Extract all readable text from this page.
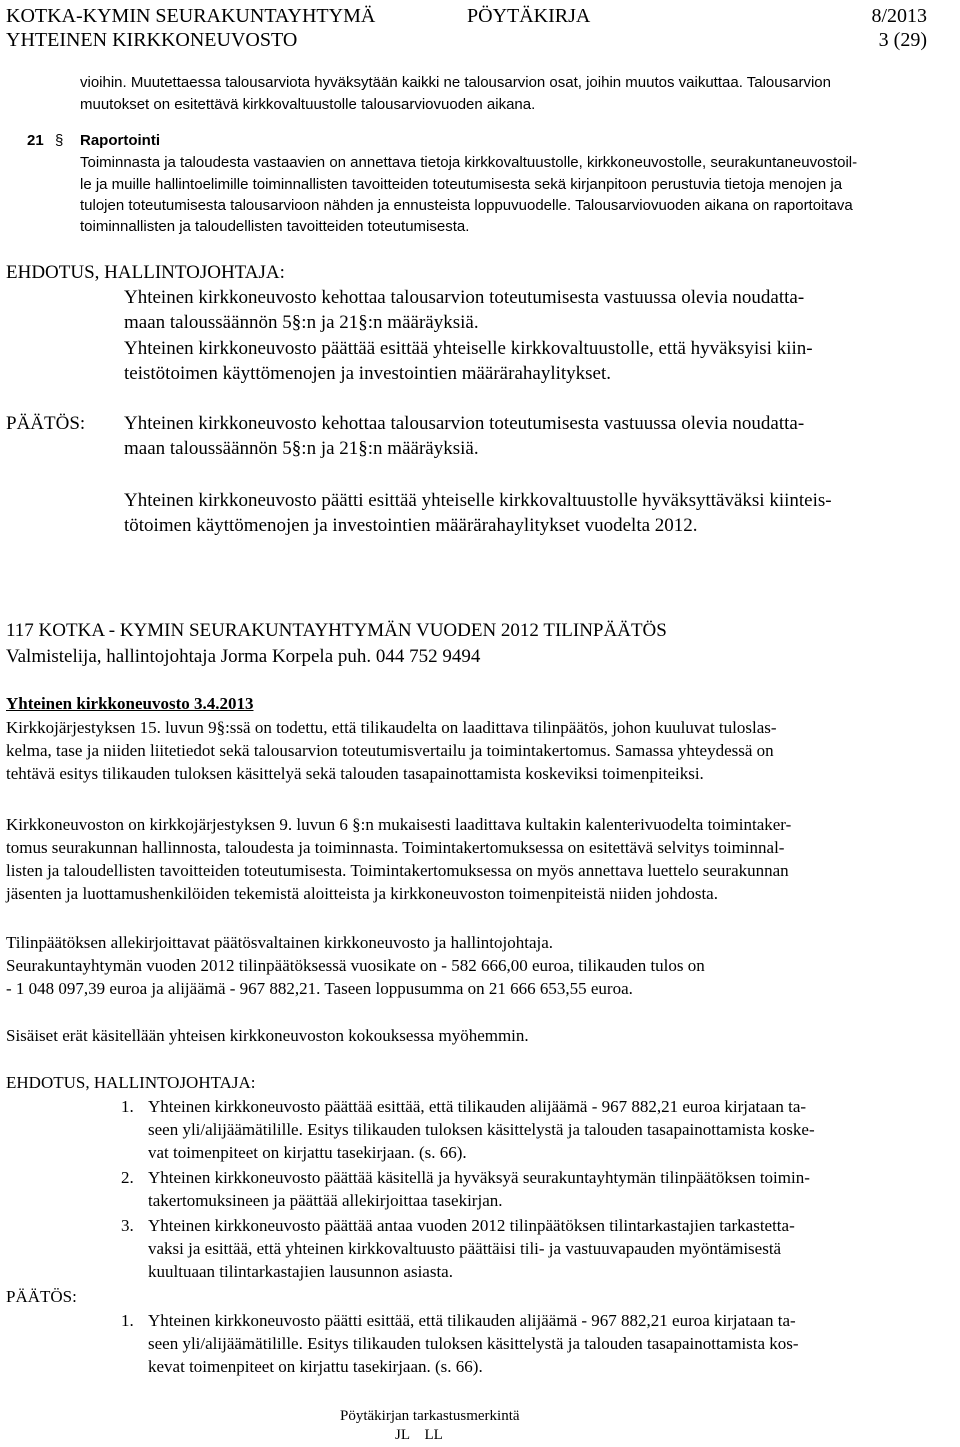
KOTKA-KYMIN SEURAKUNTAYHTYMÄ	PÖYTÄKIRJA	8/2013
YHTEINEN KIRKKONEUVOSTO	3 (29)
vioihin. Muutettaessa talousarviota hyväksytään kaikki ne talousarvion osat, joihin muutos vaikuttaa. Talousarvion
muutokset on esitettävä kirkkovaltuustolle talousarviovuoden aikana.
21 § Raportointi
Toiminnasta ja taloudesta vastaavien on annettava tietoja kirkkovaltuustolle, kirkkoneuvostolle, seurakuntaneuvostoil-
le ja muille hallintoelimille toiminnallisten tavoitteiden toteutumisesta sekä kirjanpitoon perustuvia tietoja menojen ja
tulojen toteutumisesta talousarvioon nähden ja ennusteista loppuvuodelle. Talousarviovuoden aikana on raportoitava
toiminnallisten ja taloudellisten tavoitteiden toteutumisesta.
EHDOTUS, HALLINTOJOHTAJA:
Yhteinen kirkkoneuvosto kehottaa talousarvion toteutumisesta vastuussa olevia noudatta-
maan taloussäännön 5§:n ja 21§:n määräyksiä.
Yhteinen kirkkoneuvosto päättää esittää yhteiselle kirkkovaltuustolle, että hyväksyisi kiin-
teistötoimen käyttömenojen ja investointien määrärahaylitykset.
PÄÄTÖS: Yhteinen kirkkoneuvosto kehottaa talousarvion toteutumisesta vastuussa olevia noudatta-
maan taloussäännön 5§:n ja 21§:n määräyksiä.
Yhteinen kirkkoneuvosto päätti esittää yhteiselle kirkkovaltuustolle hyväksyttäväksi kiinteis-
tötoimen käyttömenojen ja investointien määrärahaylitykset vuodelta 2012.
117 KOTKA - KYMIN SEURAKUNTAYHTYMÄN VUODEN 2012 TILINPÄÄTÖS
Valmistelija, hallintojohtaja Jorma Korpela puh. 044 752 9494
Yhteinen kirkkoneuvosto 3.4.2013
Kirkkojärjestyksen 15. luvun 9§:ssä on todettu, että tilikaudelta on laadittava tilinpäätös, johon kuuluvat tuloslas-
kelma, tase ja niiden liitetiedot sekä talousarvion toteutumisvertailu ja toimintakertomus. Samassa yhteydessä on
tehtävä esitys tilikauden tuloksen käsittelyä sekä talouden tasapainottamista koskeviksi toimenpiteiksi.
Kirkkoneuvoston on kirkkojärjestyksen 9. luvun 6 §:n mukaisesti laadittava kultakin kalenterivuodelta toimintaker-
tomus seurakunnan hallinnosta, taloudesta ja toiminnasta. Toimintakertomuksessa on esitettävä selvitys toiminnal-
listen ja taloudellisten tavoitteiden toteutumisesta. Toimintakertomuksessa on myös annettava luettelo seurakunnan
jäsenten ja luottamushenkilöiden tekemistä aloitteista ja kirkkoneuvoston toimenpiteistä niiden johdosta.
Tilinpäätöksen allekirjoittavat päätösvaltainen kirkkoneuvosto ja hallintojohtaja.
Seurakuntayhtymän vuoden 2012 tilinpäätöksessä vuosikate on - 582 666,00 euroa, tilikauden tulos on
- 1 048 097,39 euroa ja alijäämä - 967 882,21. Taseen loppusumma on 21 666 653,55 euroa.
Sisäiset erät käsitellään yhteisen kirkkoneuvoston kokouksessa myöhemmin.
EHDOTUS, HALLINTOJOHTAJA:
1. Yhteinen kirkkoneuvosto päättää esittää, että tilikauden alijäämä - 967 882,21 euroa kirjataan ta-
seen yli/alijäämätilille. Esitys tilikauden tuloksen käsittelystä ja talouden tasapainottamista koske-
vat toimenpiteet on kirjattu tasekirjaan. (s. 66).
2. Yhteinen kirkkoneuvosto päättää käsitellä ja hyväksyä seurakuntayhtymän tilinpäätöksen toimin-
takertomuksineen ja päättää allekirjoittaa tasekirjan.
3. Yhteinen kirkkoneuvosto päättää antaa vuoden 2012 tilinpäätöksen tilintarkastajien tarkastetta-
vaksi ja esittää, että yhteinen kirkkovaltuusto päättäisi tili- ja vastuuvapauden myöntämisestä
kuultuaan tilintarkastajien lausunnon asiasta.
PÄÄTÖS:
1. Yhteinen kirkkoneuvosto päätti esittää, että tilikauden alijäämä - 967 882,21 euroa kirjataan ta-
seen yli/alijäämätilille. Esitys tilikauden tuloksen käsittelystä ja talouden tasapainottamista kos-
kevat toimenpiteet on kirjattu tasekirjaan. (s. 66).
Pöytäkirjan tarkastusmerkintä
JL    LL
